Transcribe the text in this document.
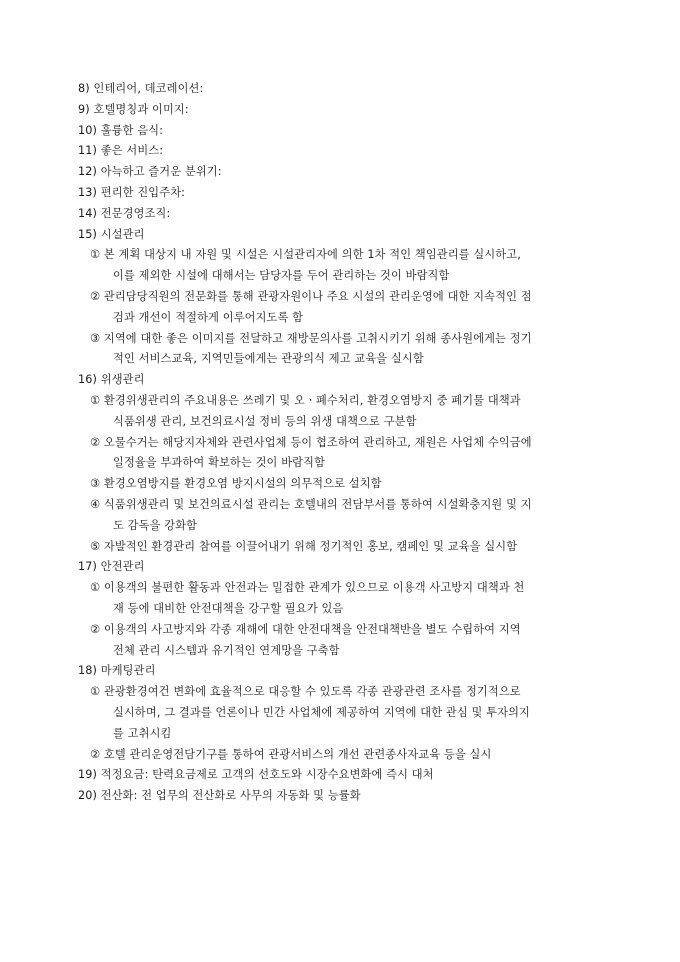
8) 인테리어, 데코레이션:
9) 호텔명칭과 이미지:
10) 훌륭한 음식:
11) 좋은 서비스:
12) 아늑하고 즐거운 분위기:
13) 편리한 진입주차:
14) 전문경영조직:
15) 시설관리
① 본 계획 대상지 내 자원 및 시설은 시설관리자에 의한 1차 적인 책임관리를 실시하고,
이를 제외한 시설에 대해서는 담당자를 두어 관리하는 것이 바람직함
② 관리담당직원의 전문화를 통해 관광자원이나 주요 시설의 관리운영에 대한 지속적인 점
검과 개선이 적절하게 이루어지도록 함
③ 지역에 대한 좋은 이미지를 전달하고 재방문의사를 고취시키기 위해 종사원에게는 정기
적인 서비스교육, 지역민들에게는 관광의식 제고 교육을 실시함
16) 위생관리
① 환경위생관리의 주요내용은 쓰레기 및 오ㆍ폐수처리, 환경오염방지 중 폐기물 대책과
식품위생 관리, 보건의료시설 정비 등의 위생 대책으로 구분함
② 오물수거는 해당지자체와 관련사업체 등이 협조하여 관리하고, 재원은 사업체 수익금에
일정율을 부과하여 확보하는 것이 바람직함
③ 환경오염방지를 환경오염 방지시설의 의무적으로 설치함
④ 식품위생관리 및 보건의료시설 관리는 호텔내의 전담부서를 통하여 시설확충지원 및 지
도 감독을 강화함
⑤ 자발적인 환경관리 참여를 이끌어내기 위해 정기적인 홍보, 캠페인 및 교육을 실시함
17) 안전관리
① 이용객의 불편한 활동과 안전과는 밀접한 관계가 있으므로 이용객 사고방지 대책과 천
재 등에 대비한 안전대책을 강구할 필요가 있음
② 이용객의 사고방지와 각종 재해에 대한 안전대책을 안전대책반을 별도 수립하여 지역
전체 관리 시스템과 유기적인 연계망을 구축함
18) 마케팅관리
① 관광환경여건 변화에 효율적으로 대응할 수 있도록 각종 관광관련 조사를 정기적으로
실시하며, 그 결과를 언론이나 민간 사업체에 제공하여 지역에 대한 관심 및 투자의지
를 고취시킴
② 호텔 관리운영전담기구를 통하여 관광서비스의 개선 관련종사자교육 등을 실시
19) 적정요금: 탄력요금제로 고객의 선호도와 시장수요변화에 즉시 대처
20) 전산화: 전 업무의 전산화로 사무의 자동화 및 능률화
